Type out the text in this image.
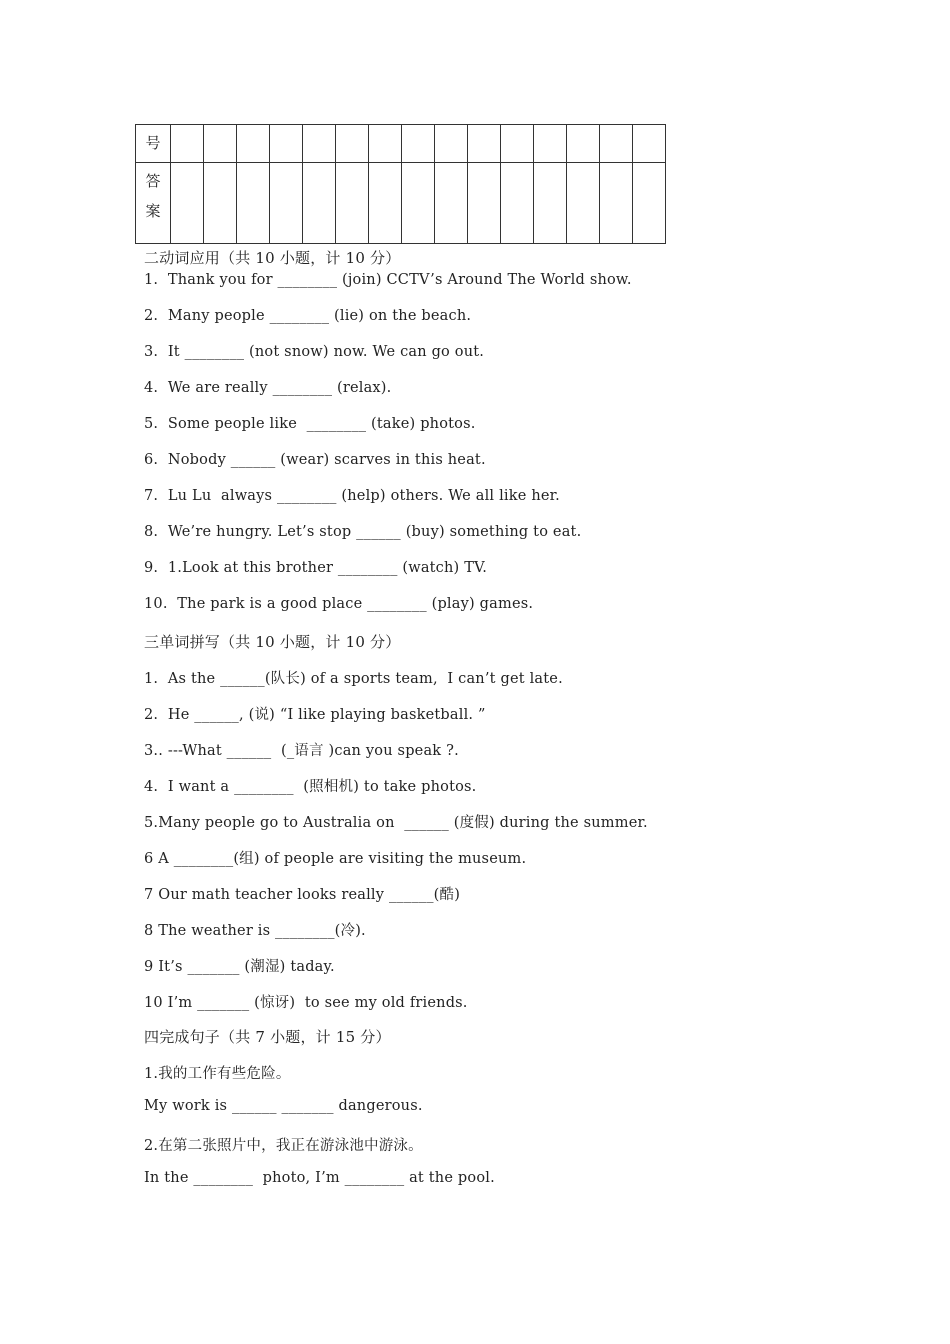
号															

答
案															

二动词应用（共 10 小题，计 10 分）
1.  Thank you for ________ (join) CCTV’s Around The World show.
2.  Many people ________ (lie) on the beach.
3.  It ________ (not snow) now. We can go out.
4.  We are really ________ (relax).
5.  Some people like  ________ (take) photos.
6.  Nobody ______ (wear) scarves in this heat.
7.  Lu Lu  always ________ (help) others. We all like her.
8.  We’re hungry. Let’s stop ______ (buy) something to eat.
9.  1.Look at this brother ________ (watch) TV.
10.  The park is a good place ________ (play) games.
三单词拼写（共 10 小题，计 10 分）
1.  As the ______(队长) of a sports team,  I can’t get late.
2.  He ______, (说) “I like playing basketball. ”
3.. ---What ______  (_语言 )can you speak ?.
4.  I want a ________  (照相机) to take photos.
5.Many people go to Australia on  ______ (度假) during the summer.
6 A ________(组) of people are visiting the museum.
7 Our math teacher looks really ______(酷)
8 The weather is ________(冷).
9 It’s _______ (潮湿) taday.
10 I’m _______ (惊讶)  to see my old friends.
四完成句子（共 7 小题，计 15 分）
1.我的工作有些危险。
My work is ______ _______ dangerous.
2.在第二张照片中，我正在游泳池中游泳。
In the ________  photo, I’m ________ at the pool.
